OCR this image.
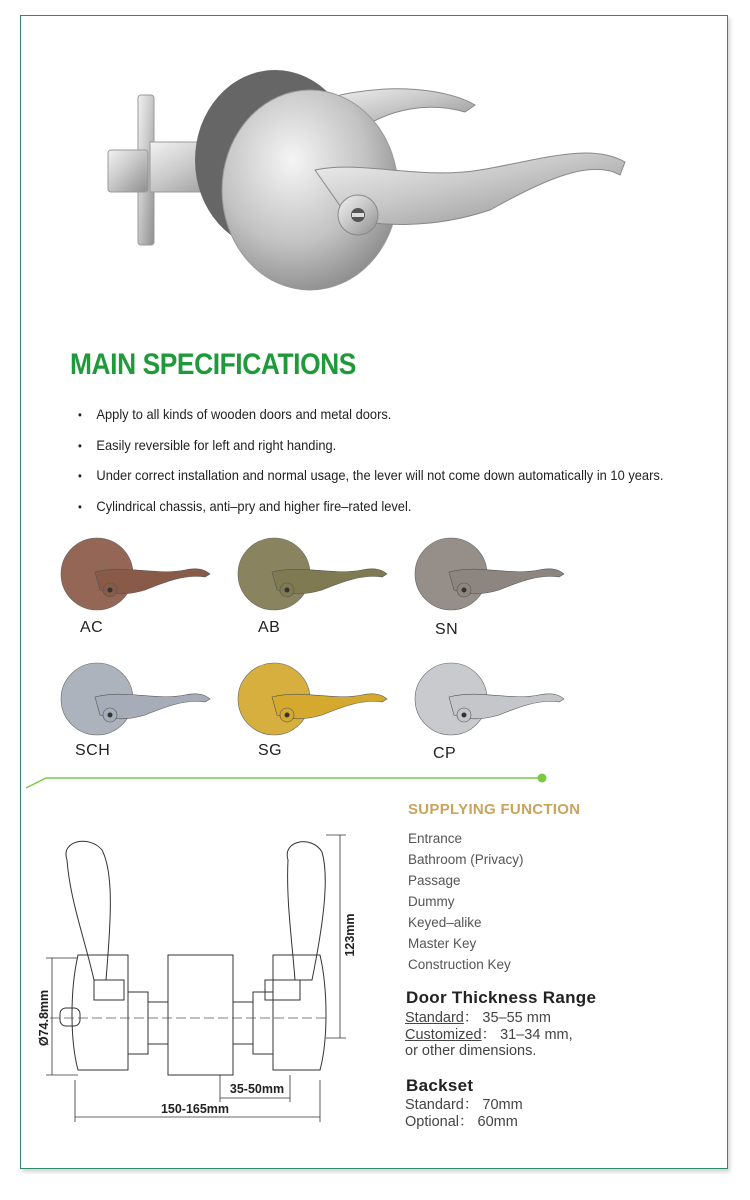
MAIN SPECIFICATIONS
• Apply to all kinds of wooden doors and metal doors.
• Easily reversible for left and right handing.
• Under correct installation and normal usage, the lever will not come down automatically in 10 years.
• Cylindrical chassis, anti–pry and higher fire–rated level.
AC	AB	SN
SCH	SG	CP
SUPPLYING FUNCTION
Entrance
Bathroom (Privacy)
Passage
Dummy
Keyed–alike
Master Key
Construction Key
123mm
Ø74.8mm
35-50mm
150-165mm
Door Thickness Range
Standard： 35–55 mm
Customized： 31–34 mm,
or other dimensions.
Backset
Standard： 70mm
Optional： 60mm
